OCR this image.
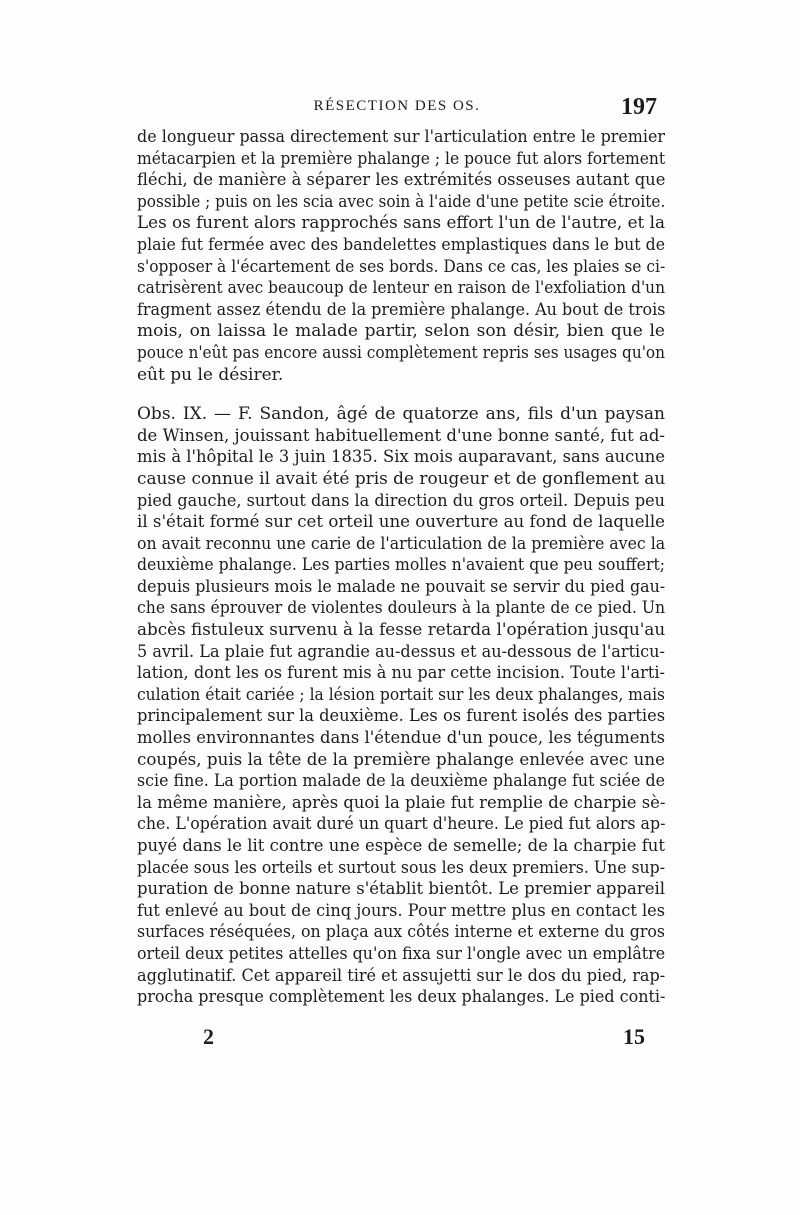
RÉSECTION DES OS.	197
de longueur passa directement sur l'articulation entre le premier
métacarpien et la première phalange ; le pouce fut alors fortement
fléchi, de manière à séparer les extrémités osseuses autant que
possible ; puis on les scia avec soin à l'aide d'une petite scie étroite.
Les os furent alors rapprochés sans effort l'un de l'autre, et la
plaie fut fermée avec des bandelettes emplastiques dans le but de
s'opposer à l'écartement de ses bords. Dans ce cas, les plaies se ci-
catrisèrent avec beaucoup de lenteur en raison de l'exfoliation d'un
fragment assez étendu de la première phalange. Au bout de trois
mois, on laissa le malade partir, selon son désir, bien que le
pouce n'eût pas encore aussi complètement repris ses usages qu'on
eût pu le désirer.
Obs. IX. — F. Sandon, âgé de quatorze ans, fils d'un paysan
de Winsen, jouissant habituellement d'une bonne santé, fut ad-
mis à l'hôpital le 3 juin 1835. Six mois auparavant, sans aucune
cause connue il avait été pris de rougeur et de gonflement au
pied gauche, surtout dans la direction du gros orteil. Depuis peu
il s'était formé sur cet orteil une ouverture au fond de laquelle
on avait reconnu une carie de l'articulation de la première avec la
deuxième phalange. Les parties molles n'avaient que peu souffert;
depuis plusieurs mois le malade ne pouvait se servir du pied gau-
che sans éprouver de violentes douleurs à la plante de ce pied. Un
abcès fistuleux survenu à la fesse retarda l'opération jusqu'au
5 avril. La plaie fut agrandie au-dessus et au-dessous de l'articu-
lation, dont les os furent mis à nu par cette incision. Toute l'arti-
culation était cariée ; la lésion portait sur les deux phalanges, mais
principalement sur la deuxième. Les os furent isolés des parties
molles environnantes dans l'étendue d'un pouce, les téguments
coupés, puis la tête de la première phalange enlevée avec une
scie fine. La portion malade de la deuxième phalange fut sciée de
la même manière, après quoi la plaie fut remplie de charpie sè-
che. L'opération avait duré un quart d'heure. Le pied fut alors ap-
puyé dans le lit contre une espèce de semelle; de la charpie fut
placée sous les orteils et surtout sous les deux premiers. Une sup-
puration de bonne nature s'établit bientôt. Le premier appareil
fut enlevé au bout de cinq jours. Pour mettre plus en contact les
surfaces réséquées, on plaça aux côtés interne et externe du gros
orteil deux petites attelles qu'on fixa sur l'ongle avec un emplâtre
agglutinatif. Cet appareil tiré et assujetti sur le dos du pied, rap-
procha presque complètement les deux phalanges. Le pied conti-
2	15
